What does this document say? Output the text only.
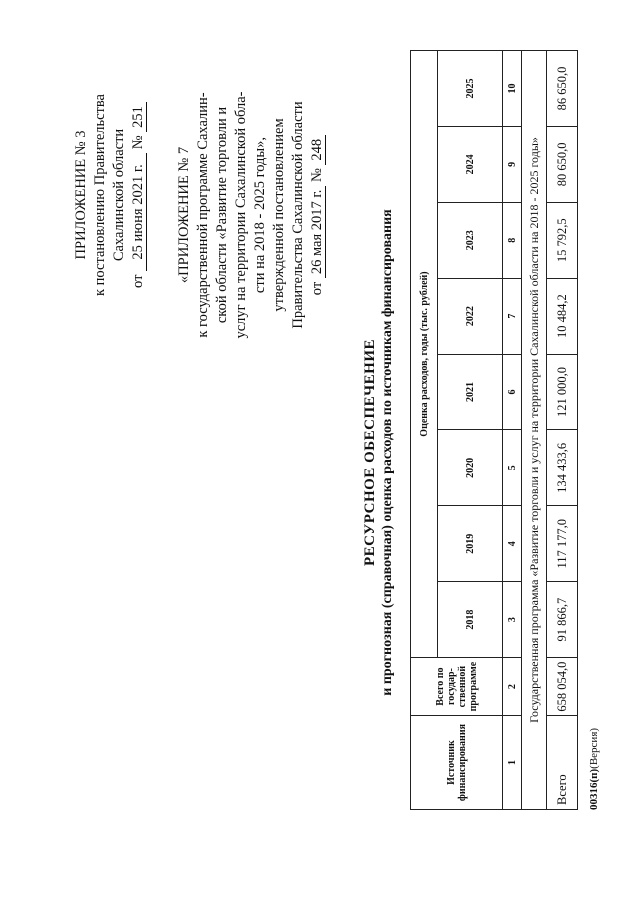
ПРИЛОЖЕНИЕ № 3 к постановлению Правительства Сахалинской области
от 25 июня 2021 г. № 251
«ПРИЛОЖЕНИЕ № 7 к государственной программе Сахалин- ской области «Развитие торговли и услуг на территории Сахалинской обла- сти на 2018 - 2025 годы», утвержденной постановлением Правительства Сахалинской области от 26 мая 2017 г. № 248
РЕСУРСНОЕ ОБЕСПЕЧЕНИЕ и прогнозная (справочная) оценка расходов по источникам финансирования
Источник финансирования	Всего по государ-ственной программе	Оценка расходов, годы (тыс. рублей)							
		2018	2019	2020	2021	2022	2023	2024	2025
1	2	3	4	5	6	7	8	9	10
Государственная программа «Развитие торговли и услуг на территории Сахалинской области на 2018 - 2025 годы»									
Всего	658 054,0	91 866,7	117 177,0	134 433,6	121 000,0	10 484,2	15 792,5	80 650,0	86 650,0
00316(п)(Версия)
